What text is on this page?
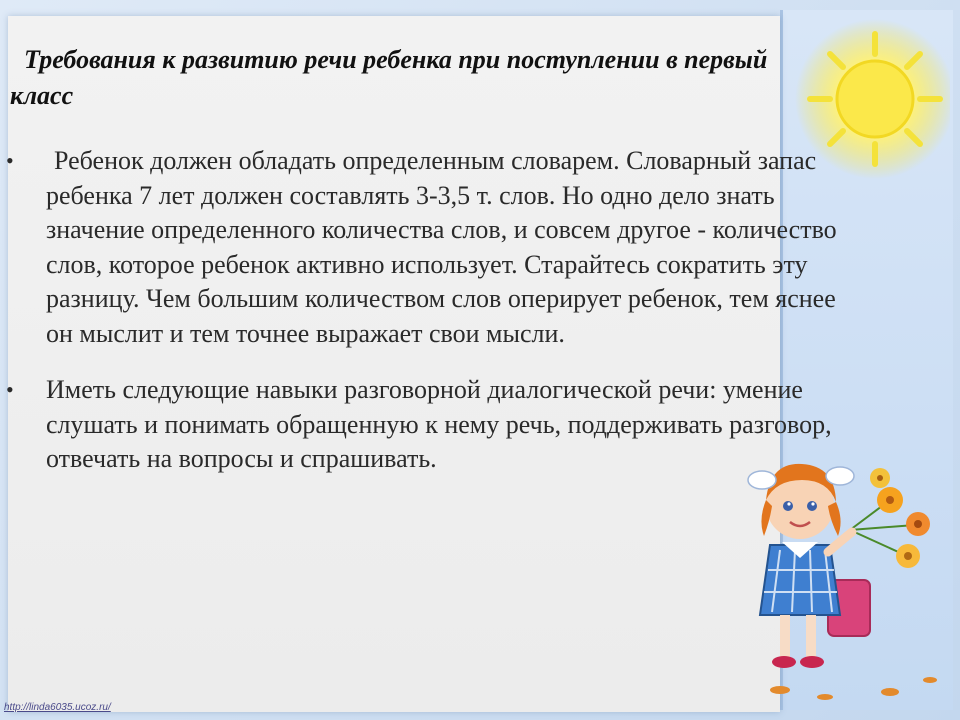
Требования к развитию речи ребенка при поступлении в первый класс
• Ребенок должен обладать определенным словарем. Словарный запас ребенка 7 лет должен составлять 3-3,5 т. слов. Но одно дело знать значение определенного количества слов, и совсем другое - количество слов, которое ребенок активно использует. Старайтесь сократить эту разницу. Чем большим количеством слов оперирует ребенок, тем яснее он мыслит и тем точнее выражает свои мысли.
• Иметь следующие навыки разговорной диалогической речи: умение слушать и понимать обращенную к нему речь, поддерживать разговор, отвечать на вопросы и спрашивать.
http://linda6035.ucoz.ru/
